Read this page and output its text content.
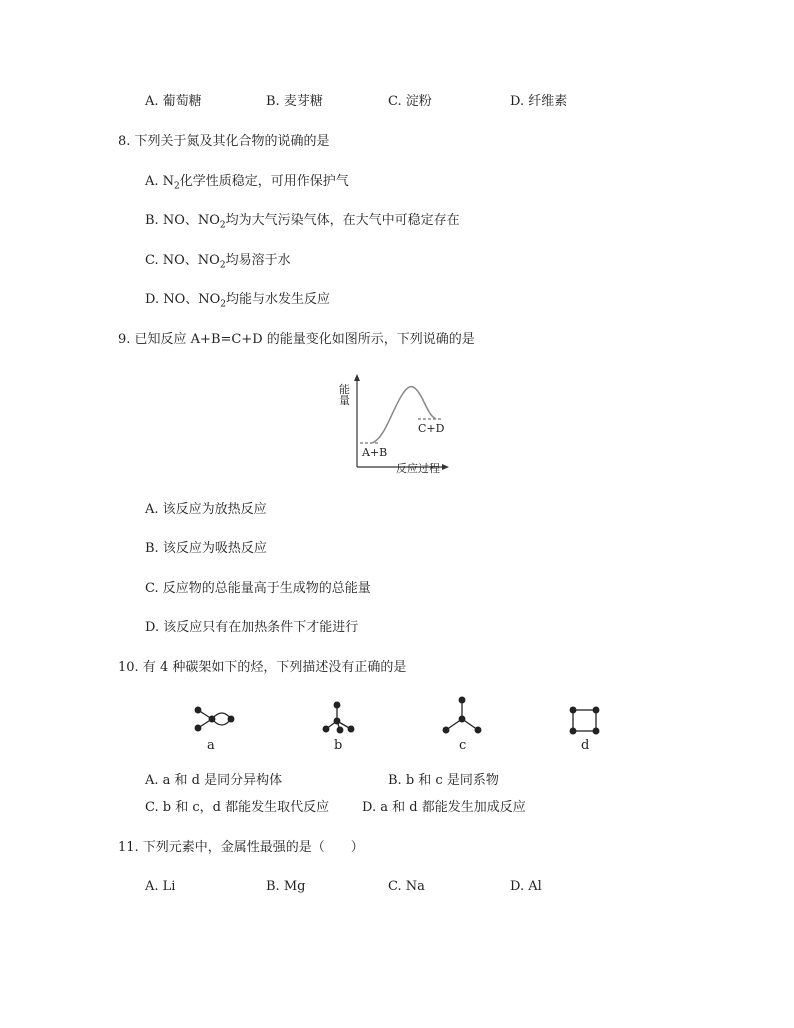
A. 葡萄糖	B. 麦芽糖	C. 淀粉	D. 纤维素
8. 下列关于氮及其化合物的说确的是
A. $N_2$化学性质稳定，可用作保护气
B. NO、$NO_2$均为大气污染气体，在大气中可稳定存在
C. NO、$NO_2$均易溶于水
D. NO、$NO_2$均能与水发生反应
9. 已知反应 A+B=C+D 的能量变化如图所示，下列说确的是
能量
C+D
A+B
反应过程
A. 该反应为放热反应
B. 该反应为吸热反应
C. 反应物的总能量高于生成物的总能量
D. 该反应只有在加热条件下才能进行
10. 有 4 种碳架如下的烃，下列描述没有正确的是
a	b	c	d
A. a 和 d 是同分异构体	B. b 和 c 是同系物
C. b 和 c，d 都能发生取代反应	D. a 和 d 都能发生加成反应
11. 下列元素中，金属性最强的是（　　）
A. Li	B. Mg	C. Na	D. Al
